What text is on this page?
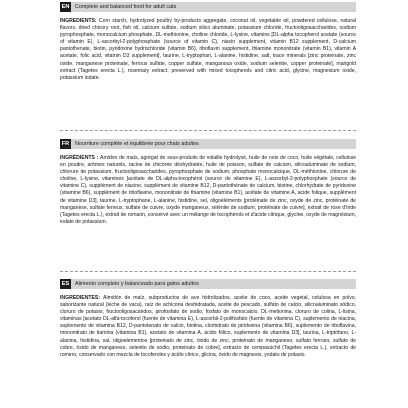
EN Complete and balanced food for adult cats
INGREDIENTS: Corn starch, hydrolyzed poultry by-products aggregate, coconut oil, vegetable oil, powdered cellulose, natural flavors, dried chicory root, fish oil, calcium sulfate, sodium silico aluminate, potassium chloride, fructooligosaccharides, sodium pyrophosphate, monocalcium phosphate, DL-methionine, choline chloride, L-lysine, vitamins [DL-alpha tocopherol acetate (source of vitamin E), L-ascorbyl-2-polyphosphate (source of vitamin C), niacin supplement, vitamin B12 supplement, D-calcium pantothenate, biotin, pyridoxine hydrochloride (vitamin B6), riboflavin supplement, thiamine mononitrate (vitamin B1), vitamin A acetate, folic acid, vitamin D3 supplement], taurine, L-tryptophan, L-alanine, histidine, salt, trace minerals [zinc proteinate, zinc oxide, manganese proteinate, ferrous sulfate, copper sulfate, manganous oxide, sodium selenite, copper proteinate], marigold extract (Tagetes erecta L.), rosemary extract, preserved with mixed tocopherols and citric acid, glycine, magnesium oxide, potassium iodate.
FR	Nourriture complète et équilibrée pour chats adultes
INGRÉDIENTS : Amidon de maïs, agrégat de sous-produits de volaille hydrolysé, huile de noix de coco, huile végétale, cellulose en poudre, arômes naturels, racine de chicorée déshydratée, huile de poisson, sulfate de calcium, silicoaluminate de sodium, chlorure de potassium, fructooligosaccharides, pyrophosphate de sodium, phosphate monocalcique, DL-méthionine, chlorure de choline, L-lysine, vitamines [acétate de DL-alpha-tocophérol (source de vitamine E), L-ascorbyl-2-polyphosphate (source de vitamine C), supplément de niacine, supplément de vitamine B12, D-pantothénate de calcium, biotine, chlorhydrate de pyridoxine (vitamine B6), supplément de riboflavine, mononitrate de thiamine (vitamine B1), acétate de vitamine A, acide folique, supplément de vitamine D3], taurine, L-tryptophane, L-alanine, histidine, sel, oligoéléments [protéinate de zinc, oxyde de zinc, protéinate de manganèse, sulfate ferreux, sulfate de cuivre, oxyde manganeux, sélénite de sodium, protéinate de cuivre], extrait de rose d'Inde (Tagetes erecta L.), extrait de romarin, conservé avec un mélange de tocophérols et d'acide citrique, glycine, oxyde de magnésium, iodate de potassium.
ES	Alimento completo y balanceado para gatos adultos
INGREDIENTES: Almidón de maíz, subproductos de ave hidrolizados, aceite de coco, aceite vegetal, celulosa en polvo, saborizante natural (leche de vaca), raíz de achicoria deshidratada, aceite de pescado, sulfato de calcio, silicoaluminato sódico, cloruro de potasio, fructooligosacáridos, pirofosfato de sodio, fosfato de monocalcio, DL-metionina, cloruro de colina, L-lisina, vitaminas [acetato DL-alfa-tocoferol (fuente de vitamina E), L-ascorbil-2-polifosfato (fuente de vitamina C), suplemento de niacina, suplemento de vitamina B12, D-pantotenato de calcio, biotina, clorhidrato de piridoxina (vitamina B6), suplemento de riboflavina, mononitrato de tiamina (vitamina B1), acetato de vitamina A, ácido fólico, suplemento de vitamina D3], taurina, L-triptófano, L-alanina, histidina, sal, oligoelementos [proteinato de zinc, óxido de zinc, proteinato de manganeso, sulfato ferroso, sulfato de cobre, óxido de manganeso, selenito de sodio, proteinato de cobre], extracto de cempasúchil (Tagetes erecta L.), extracto de romero, conservado con mezcla de tocoferoles y ácido cítrico, glicina, óxido de magnesio, yodato de potasio.
